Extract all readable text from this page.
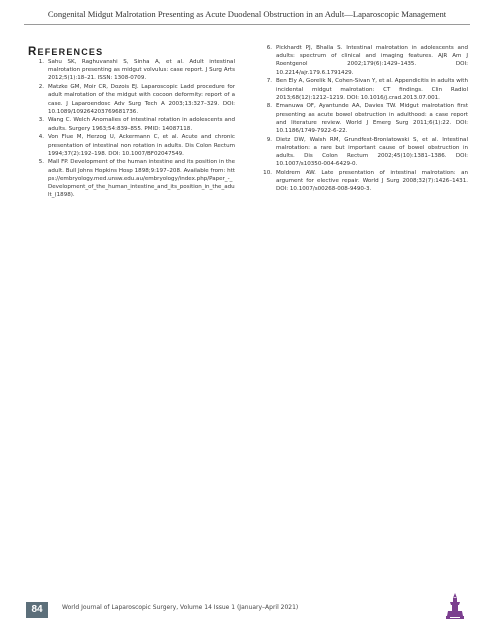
Congenital Midgut Malrotation Presenting as Acute Duodenal Obstruction in an Adult—Laparoscopic Management
REFERENCES
1. Sahu SK, Raghuvanshi S, Sinha A, et al. Adult intestinal malrotation presenting as midgut volvulus: case report. J Surg Arts 2012;5(1):18–21. ISSN: 1308-0709.
2. Matzke GM, Moir CR, Dozois EJ. Laparoscopic Ladd procedure for adult malrotation of the midgut with cocoon deformity: report of a case. J Laparoendosc Adv Surg Tech A 2003;13:327–329. DOI: 10.1089/109264203769681736.
3. Wang C. Welch Anomalies of intestinal rotation in adolescents and adults. Surgery 1963;54:839–855. PMID: 14087118.
4. Von Flue M, Herzog U, Ackermann C, et al. Acute and chronic presentation of intestinal non rotation in adults. Dis Colon Rectum 1994;37(2):192–198. DOI: 10.1007/BF02047549.
5. Mall FP. Development of the human intestine and its position in the adult. Bull Johns Hopkins Hosp 1898;9:197–208. Available from: https://embryology.med.unsw.edu.au/embryology/index.php/Paper_-_Development_of_the_human_intestine_and_its_position_in_the_adult_(1898).
6. Pickhardt PJ, Bhalla S. Intestinal malrotation in adolescents and adults: spectrum of clinical and imaging features. AJR Am J Roentgenol 2002;179(6):1429–1435. DOI: 10.2214/ajr.179.6.1791429.
7. Ben Ely A, Gorelik N, Cohen-Sivan Y, et al. Appendicitis in adults with incidental midgut malrotation: CT findings. Clin Radiol 2013;68(12):1212–1219. DOI: 10.1016/j.crad.2013.07.001.
8. Emanuwa OF, Ayantunde AA, Davies TW. Midgut malrotation first presenting as acute bowel obstruction in adulthood: a case report and literature review. World J Emerg Surg 2011;6(1):22. DOI: 10.1186/1749-7922-6-22.
9. Dietz DW, Walsh RM, Grundfest-Broniatowski S, et al. Intestinal malrotation: a rare but important cause of bowel obstruction in adults. Dis Colon Rectum 2002;45(10):1381–1386. DOI: 10.1007/s10350-004-6429-0.
10. Moldrem AW. Late presentation of intestinal malrotation: an argument for elective repair. World J Surg 2008;32(7):1426–1431. DOI: 10.1007/s00268-008-9490-3.
84	World Journal of Laparoscopic Surgery, Volume 14 Issue 1 (January–April 2021)
